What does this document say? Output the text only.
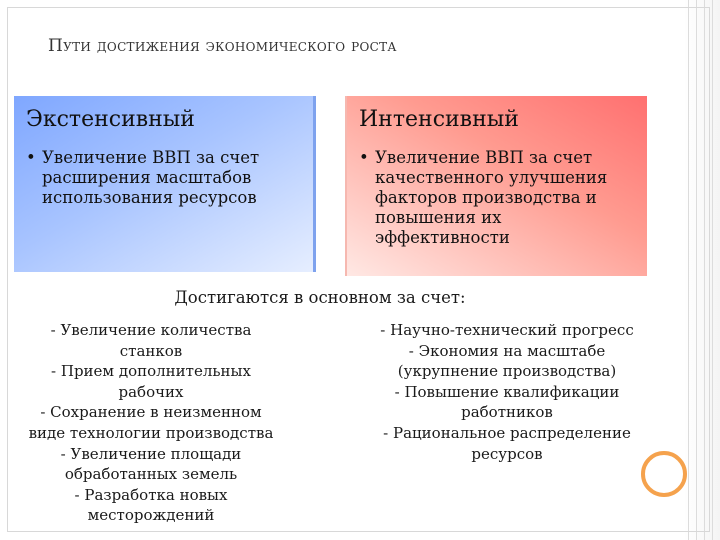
Пути достижения экономического роста
Экстенсивный
• Увеличение ВВП за счет
расширения масштабов
использования ресурсов
Интенсивный
• Увеличение ВВП за счет
качественного улучшения
факторов производства и
повышения их
эффективности
Достигаются в основном за счет:
- Увеличение количества
станков
- Прием дополнительных
рабочих
- Сохранение в неизменном
виде технологии производства
- Увеличение площади
обработанных земель
- Разработка новых
месторождений
- Научно-технический прогресс
- Экономия на масштабе
(укрупнение производства)
- Повышение квалификации
работников
- Рациональное распределение
ресурсов
